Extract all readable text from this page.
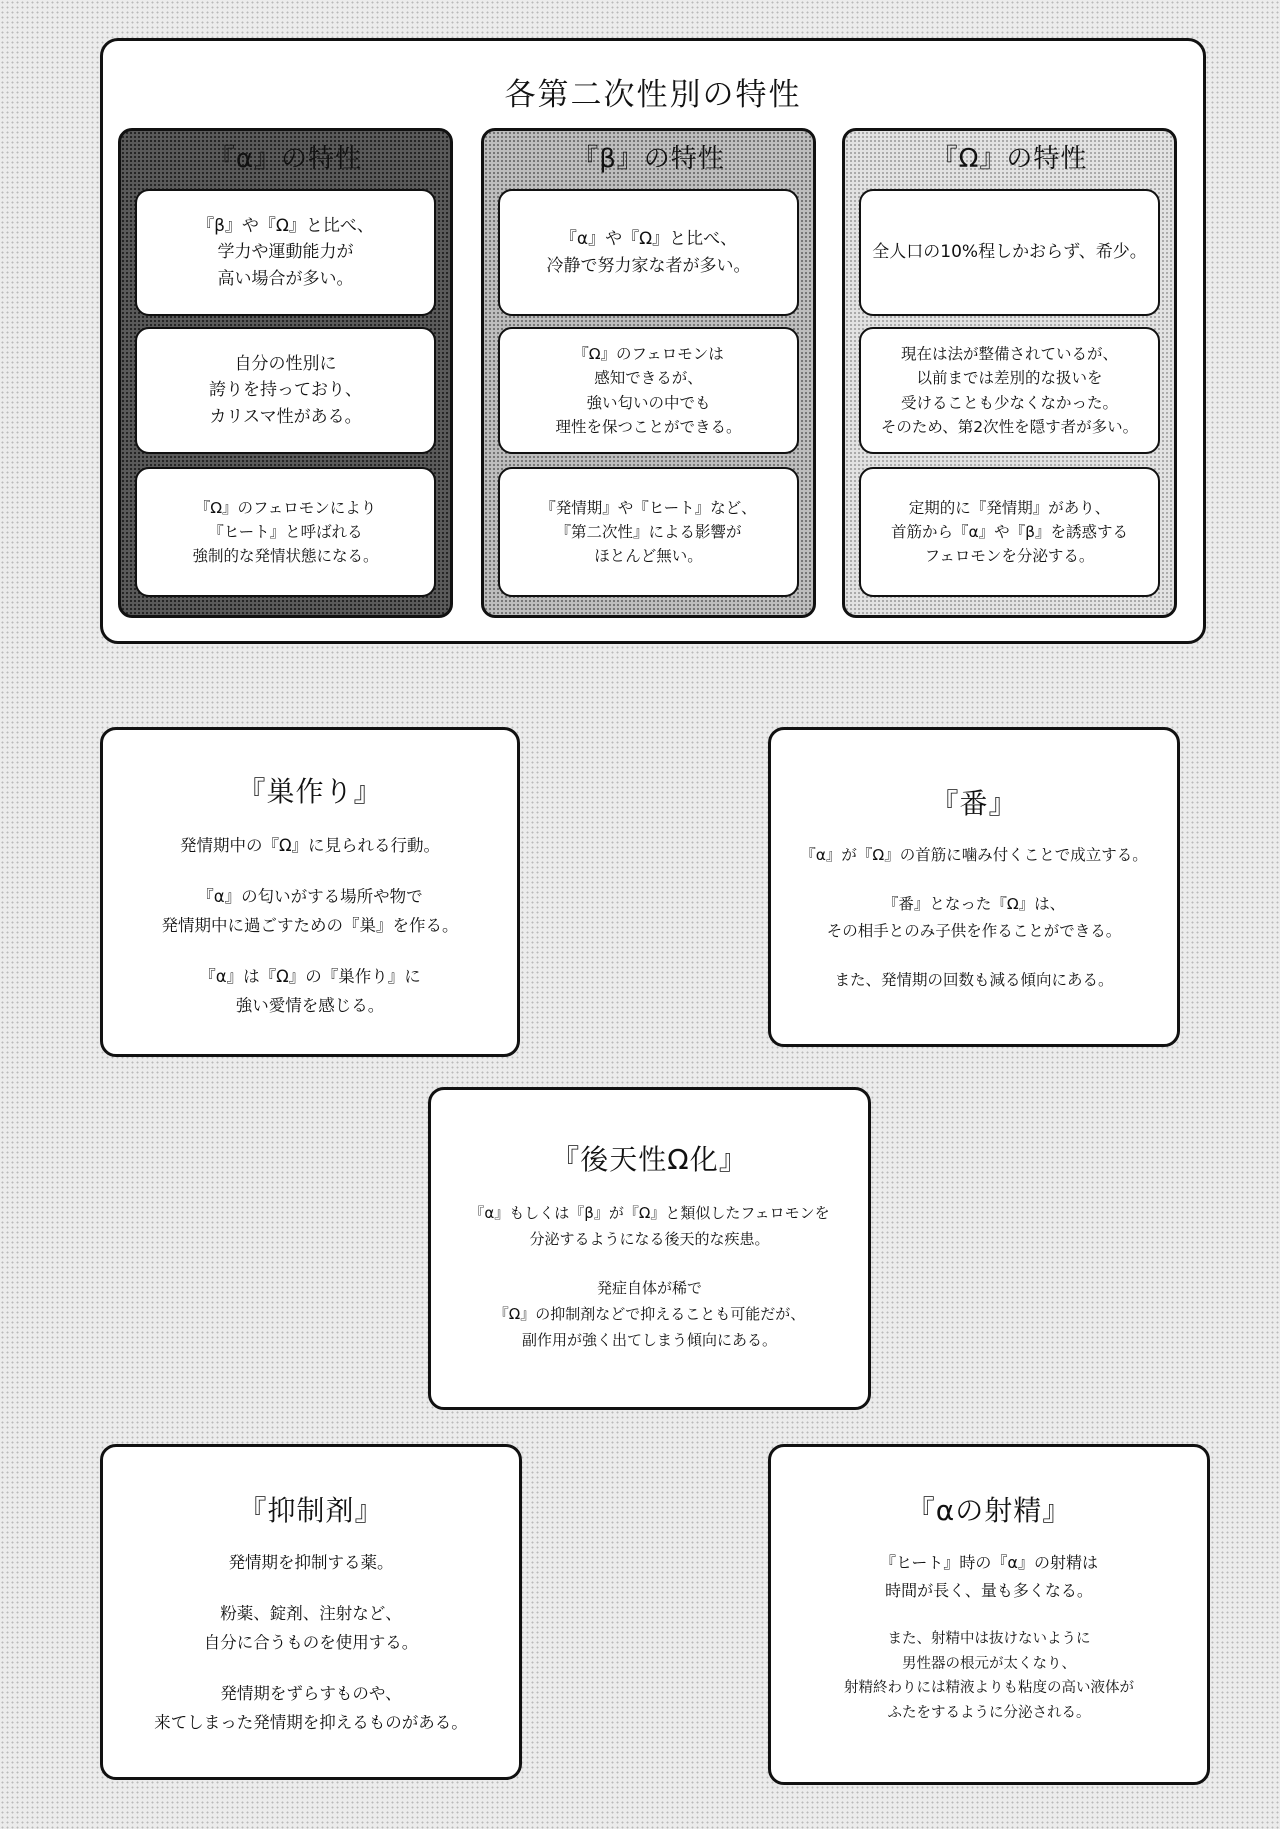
各第二次性別の特性
『α』の特性
『β』や『Ω』と比べ、
学力や運動能力が
高い場合が多い。
自分の性別に
誇りを持っており、
カリスマ性がある。
『Ω』のフェロモンにより
『ヒート』と呼ばれる
強制的な発情状態になる。
『β』の特性
『α』や『Ω』と比べ、
冷静で努力家な者が多い。
『Ω』のフェロモンは
感知できるが、
強い匂いの中でも
理性を保つことができる。
『発情期』や『ヒート』など、
『第二次性』による影響が
ほとんど無い。
『Ω』の特性
全人口の10%程しかおらず、希少。
現在は法が整備されているが、
以前までは差別的な扱いを
受けることも少なくなかった。
そのため、第2次性を隠す者が多い。
定期的に『発情期』があり、
首筋から『α』や『β』を誘惑する
フェロモンを分泌する。
『巣作り』
発情期中の『Ω』に見られる行動。
『α』の匂いがする場所や物で
発情期中に過ごすための『巣』を作る。
『α』は『Ω』の『巣作り』に
強い愛情を感じる。
『番』
『α』が『Ω』の首筋に噛み付くことで成立する。
『番』となった『Ω』は、
その相手とのみ子供を作ることができる。
また、発情期の回数も減る傾向にある。
『後天性Ω化』
『α』もしくは『β』が『Ω』と類似したフェロモンを
分泌するようになる後天的な疾患。
発症自体が稀で
『Ω』の抑制剤などで抑えることも可能だが、
副作用が強く出てしまう傾向にある。
『抑制剤』
発情期を抑制する薬。
粉薬、錠剤、注射など、
自分に合うものを使用する。
発情期をずらすものや、
来てしまった発情期を抑えるものがある。
『αの射精』
『ヒート』時の『α』の射精は
時間が長く、量も多くなる。
また、射精中は抜けないように
男性器の根元が太くなり、
射精終わりには精液よりも粘度の高い液体が
ふたをするように分泌される。
